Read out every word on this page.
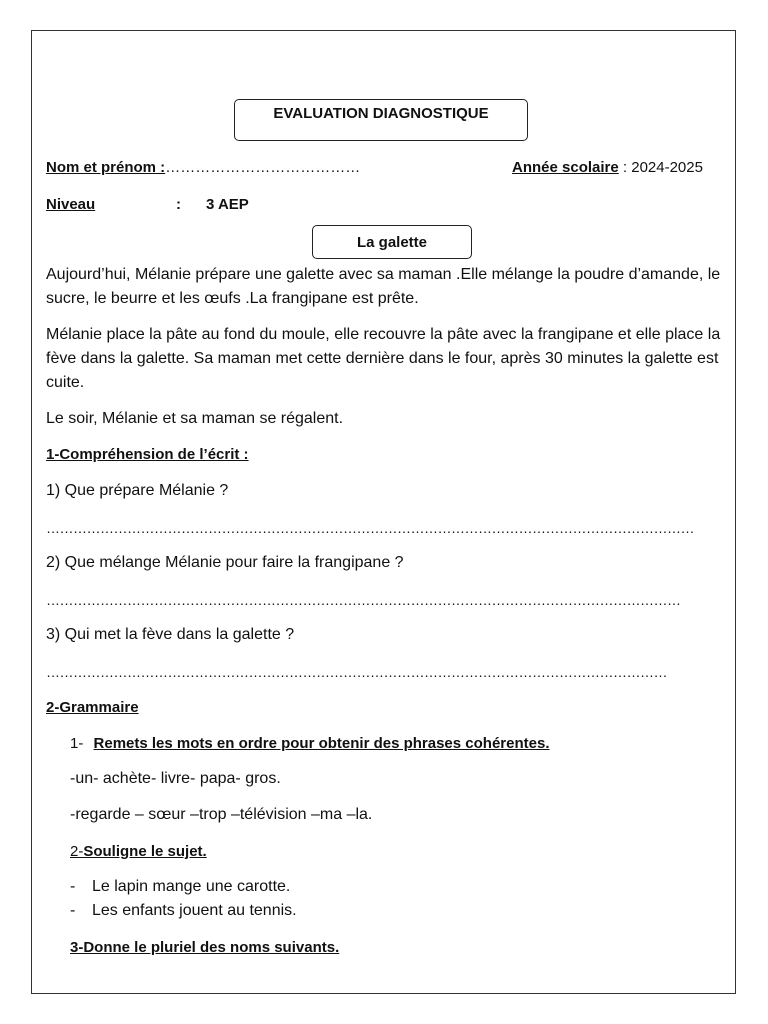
EVALUATION DIAGNOSTIQUE
Nom et prénom :…………………………………	Année scolaire : 2024-2025
Niveau	: 3 AEP
La galette
Aujourd’hui, Mélanie prépare une galette avec sa maman .Elle mélange la poudre d’amande, le sucre, le beurre et les œufs .La frangipane est prête.
Mélanie place la pâte au fond du moule, elle recouvre la pâte avec la frangipane et elle place la fève dans la galette. Sa maman met cette dernière dans le four, après 30 minutes la galette est cuite.
Le soir, Mélanie et sa maman se régalent.
1-Compréhension de l’écrit :
1) Que prépare Mélanie ?
………………………………………………………………………………………………………………………………
2) Que mélange Mélanie pour faire la frangipane ?
……………………………………………………………………………………………………………………………
3) Qui met la fève dans la galette ?
…………………………………………………………………………………………………………………………
2-Grammaire
1- Remets les mots en ordre pour obtenir des phrases cohérentes.
-un- achète- livre- papa- gros.
-regarde – sœur –trop –télévision –ma –la.
2-Souligne le sujet.
- Le lapin mange une carotte.
- Les enfants jouent au tennis.
3-Donne le pluriel des noms suivants.
